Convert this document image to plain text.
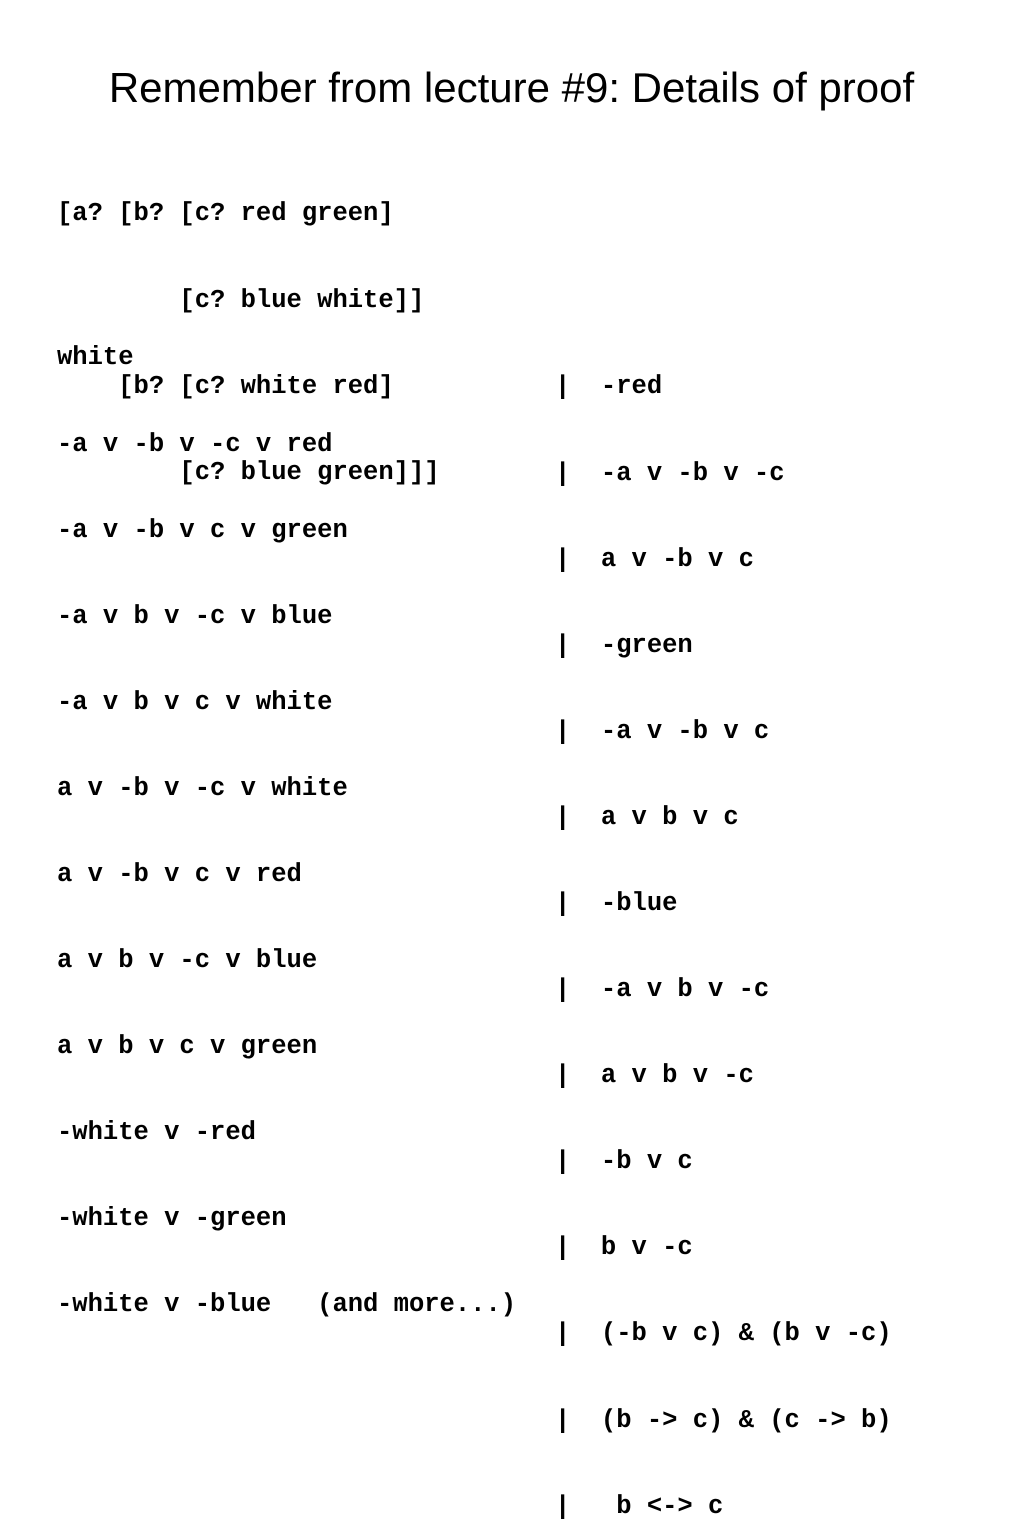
Remember from lecture #9: Details of proof

[a? [b? [c? red green]

[c? blue white]]

[b? [c? white red]

[c? blue green]]]

white

-a v -b v -c v red

-a v -b v c v green

-a v b v -c v blue

-a v b v c v white

a v -b v -c v white

a v -b v c v red

a v b v -c v blue

a v b v c v green

-white v -red

-white v -green

-white v -blue   (and more...)

|  -red

|  -a v -b v -c

|  a v -b v c

|  -green

|  -a v -b v c

|  a v b v c

|  -blue

|  -a v b v -c

|  a v b v -c

|  -b v c

|  b v -c

|  (-b v c) & (b v -c)

|  (b -> c) & (c -> b)

|   b <-> c
